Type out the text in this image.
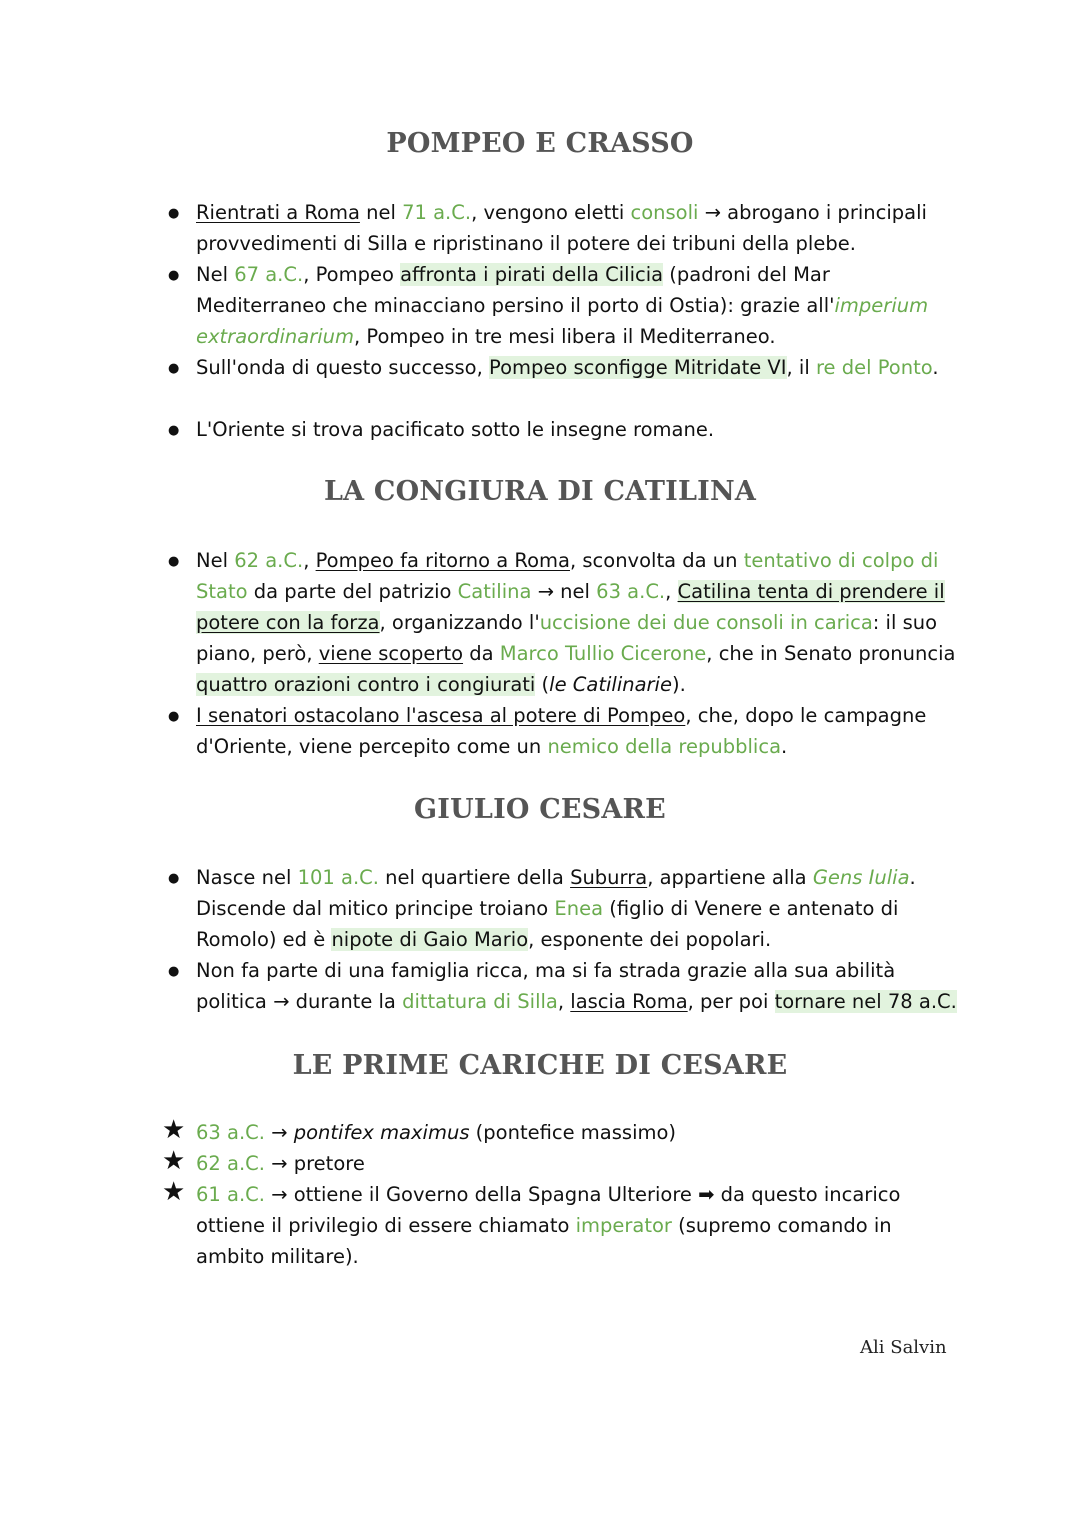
POMPEO E CRASSO
● Rientrati a Roma nel 71 a.C., vengono eletti consoli → abrogano i principali provvedimenti di Silla e ripristinano il potere dei tribuni della plebe.
● Nel 67 a.C., Pompeo affronta i pirati della Cilicia (padroni del Mar Mediterraneo che minacciano persino il porto di Ostia): grazie all'imperium extraordinarium, Pompeo in tre mesi libera il Mediterraneo.
● Sull'onda di questo successo, Pompeo sconfigge Mitridate VI, il re del Ponto.
● L'Oriente si trova pacificato sotto le insegne romane.
LA CONGIURA DI CATILINA
● Nel 62 a.C., Pompeo fa ritorno a Roma, sconvolta da un tentativo di colpo di Stato da parte del patrizio Catilina → nel 63 a.C., Catilina tenta di prendere il potere con la forza, organizzando l'uccisione dei due consoli in carica: il suo piano, però, viene scoperto da Marco Tullio Cicerone, che in Senato pronuncia quattro orazioni contro i congiurati (le Catilinarie).
● I senatori ostacolano l'ascesa al potere di Pompeo, che, dopo le campagne d'Oriente, viene percepito come un nemico della repubblica.
GIULIO CESARE
● Nasce nel 101 a.C. nel quartiere della Suburra, appartiene alla Gens Iulia. Discende dal mitico principe troiano Enea (figlio di Venere e antenato di Romolo) ed è nipote di Gaio Mario, esponente dei popolari.
● Non fa parte di una famiglia ricca, ma si fa strada grazie alla sua abilità politica → durante la dittatura di Silla, lascia Roma, per poi tornare nel 78 a.C.
LE PRIME CARICHE DI CESARE
★ 63 a.C. → pontifex maximus (pontefice massimo)
★ 62 a.C. → pretore
★ 61 a.C. → ottiene il Governo della Spagna Ulteriore ➡ da questo incarico ottiene il privilegio di essere chiamato imperator (supremo comando in ambito militare).
Ali Salvin
